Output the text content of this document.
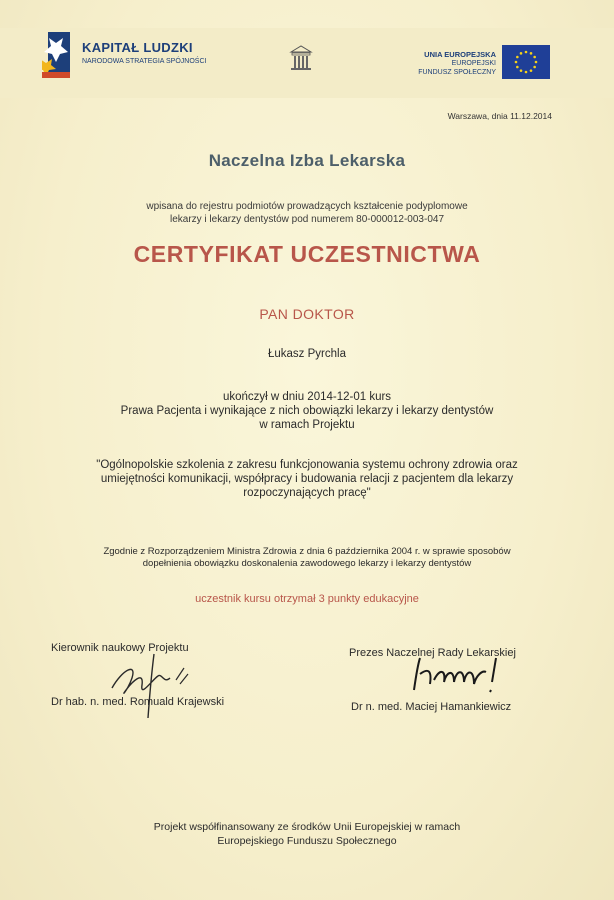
KAPITAŁ LUDZKI
NARODOWA STRATEGIA SPÓJNOŚCI
UNIA EUROPEJSKA
EUROPEJSKI
FUNDUSZ SPOŁECZNY
Warszawa, dnia 11.12.2014
Naczelna Izba Lekarska
wpisana do rejestru podmiotów prowadzących kształcenie podyplomowe
lekarzy i lekarzy dentystów pod numerem 80-000012-003-047
CERTYFIKAT UCZESTNICTWA
PAN DOKTOR
Łukasz Pyrchla
ukończył w dniu 2014-12-01 kurs
Prawa Pacjenta i wynikające z nich obowiązki lekarzy i lekarzy dentystów
w ramach Projektu
"Ogólnopolskie szkolenia z zakresu funkcjonowania systemu ochrony zdrowia oraz
umiejętności komunikacji, współpracy i budowania relacji z pacjentem dla lekarzy
rozpoczynających pracę"
Zgodnie z Rozporządzeniem Ministra Zdrowia z dnia 6 października 2004 r. w sprawie sposobów
dopełnienia obowiązku doskonalenia zawodowego lekarzy i lekarzy dentystów
uczestnik kursu otrzymał 3 punkty edukacyjne
Kierownik naukowy Projektu
Dr hab. n. med. Romuald Krajewski
Prezes Naczelnej Rady Lekarskiej
Dr n. med. Maciej Hamankiewicz
Projekt współfinansowany ze środków Unii Europejskiej w ramach
Europejskiego Funduszu Społecznego
